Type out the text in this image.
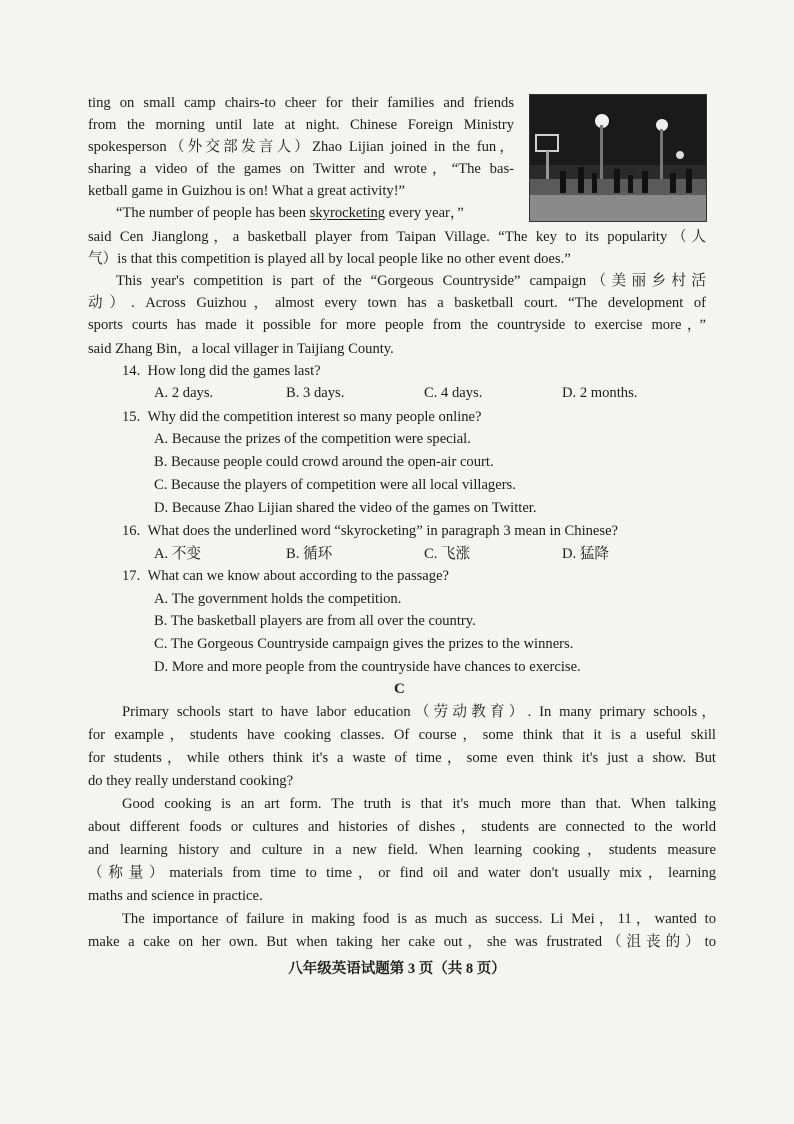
ting on small camp chairs-to cheer for their families and friends
from the morning until late at night. Chinese Foreign Ministry
spokesperson（外交部发言人）Zhao Lijian joined in the fun，
sharing a video of the games on Twitter and wrote，“The bas-
ketball game in Guizhou is on! What a great activity!”
“The number of people has been skyrocketing every year，”
said Cen Jianglong，a basketball player from Taipan Village. “The key to its popularity（人
气）is that this competition is played all by local people like no other event does.”
This year's competition is part of the “Gorgeous Countryside” campaign（美丽乡村活
动）. Across Guizhou，almost every town has a basketball court. “The development of
sports courts has made it possible for more people from the countryside to exercise more，”
said Zhang Bin，a local villager in Taijiang County.
14. How long did the games last?
A. 2 days.	B. 3 days.	C. 4 days.	D. 2 months.
15. Why did the competition interest so many people online?
A. Because the prizes of the competition were special.
B. Because people could crowd around the open-air court.
C. Because the players of competition were all local villagers.
D. Because Zhao Lijian shared the video of the games on Twitter.
16. What does the underlined word “skyrocketing” in paragraph 3 mean in Chinese?
A. 不变	B. 循环	C. 飞涨	D. 猛降
17. What can we know about according to the passage?
A. The government holds the competition.
B. The basketball players are from all over the country.
C. The Gorgeous Countryside campaign gives the prizes to the winners.
D. More and more people from the countryside have chances to exercise.
C
Primary schools start to have labor education（劳动教育）. In many primary schools，
for example，students have cooking classes. Of course，some think that it is a useful skill
for students，while others think it's a waste of time，some even think it's just a show. But
do they really understand cooking?
Good cooking is an art form. The truth is that it's much more than that. When talking
about different foods or cultures and histories of dishes，students are connected to the world
and learning history and culture in a new field. When learning cooking，students measure
（称量）materials from time to time，or find oil and water don't usually mix，learning
maths and science in practice.
The importance of failure in making food is as much as success. Li Mei，11，wanted to
make a cake on her own. But when taking her cake out，she was frustrated（沮丧的）to
八年级英语试题第 3 页（共 8 页）
